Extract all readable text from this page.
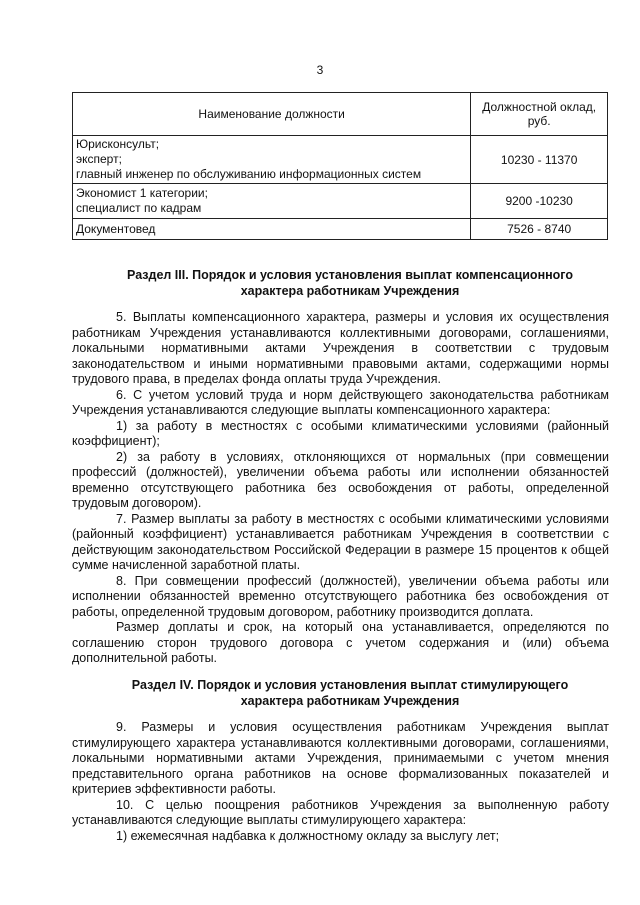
3
Наименование должности	Должностной оклад, руб.

Юрисконсульт;
эксперт;
главный инженер по обслуживанию информационных систем	10230 - 11370

Экономист 1 категории;
специалист по кадрам	9200 -10230

Документовед	7526 - 8740
Раздел III. Порядок и условия установления выплат компенсационного
характера работникам Учреждения

5. Выплаты компенсационного характера, размеры и условия их осуществления работникам Учреждения устанавливаются коллективными договорами, соглашениями, локальными нормативными актами Учреждения в соответствии с трудовым законодательством и иными нормативными правовыми актами, содержащими нормы трудового права, в пределах фонда оплаты труда Учреждения.

6. С учетом условий труда и норм действующего законодательства работникам Учреждения устанавливаются следующие выплаты компенсационного характера:

1) за работу в местностях с особыми климатическими условиями (районный коэффициент);

2) за работу в условиях, отклоняющихся от нормальных (при совмещении профессий (должностей), увеличении объема работы или исполнении обязанностей временно отсутствующего работника без освобождения от работы, определенной трудовым договором).

7. Размер выплаты за работу в местностях с особыми климатическими условиями (районный коэффициент) устанавливается работникам Учреждения в соответствии с действующим законодательством Российской Федерации в размере 15 процентов к общей сумме начисленной заработной платы.

8. При совмещении профессий (должностей), увеличении объема работы или исполнении обязанностей временно отсутствующего работника без освобождения от работы, определенной трудовым договором, работнику производится доплата.

Размер доплаты и срок, на который она устанавливается, определяются по соглашению сторон трудового договора с учетом содержания и (или) объема дополнительной работы.

Раздел IV. Порядок и условия установления выплат стимулирующего
характера работникам Учреждения

9. Размеры и условия осуществления работникам Учреждения выплат стимулирующего характера устанавливаются коллективными договорами, соглашениями, локальными нормативными актами Учреждения, принимаемыми с учетом мнения представительного органа работников на основе формализованных показателей и критериев эффективности работы.

10. С целью поощрения работников Учреждения за выполненную работу устанавливаются следующие выплаты стимулирующего характера:

1) ежемесячная надбавка к должностному окладу за выслугу лет;
